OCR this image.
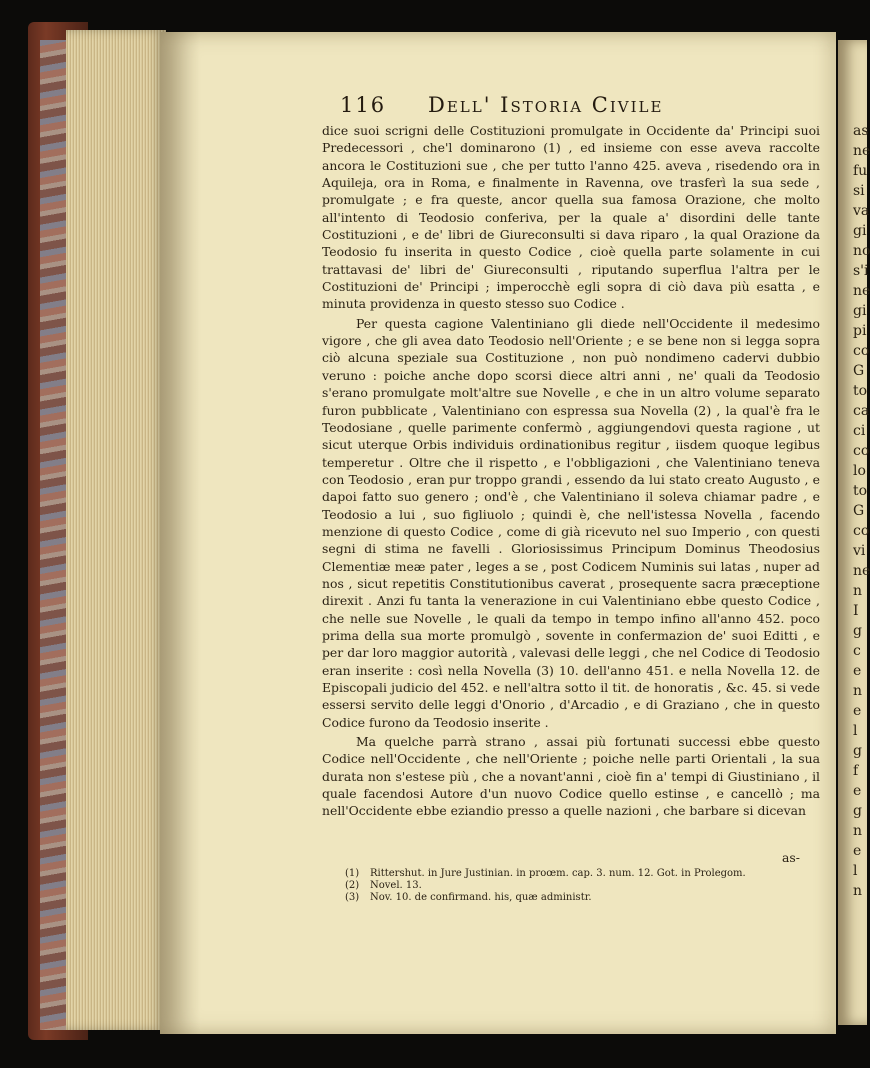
116 Dell' Istoria Civile

dice suoi scrigni delle Costituzioni promulgate in Occidente da' Principi suoi Predecessori , che'l dominarono (1) , ed insieme con esse aveva raccolte ancora le Costituzioni sue , che per tutto l'anno 425. aveva , risedendo ora in Aquileja, ora in Roma, e finalmente in Ravenna, ove trasferì la sua sede , promulgate ; e fra queste, ancor quella sua famosa Orazione, che molto all'intento di Teodosio conferiva, per la quale a' disordini delle tante Costituzioni , e de' libri de Giureconsulti si dava riparo , la qual Orazione da Teodosio fu inserita in questo Codice , cioè quella parte solamente in cui trattavasi de' libri de' Giureconsulti , riputando superflua l'altra per le Costituzioni de' Principi ; imperocchè egli sopra di ciò dava più esatta , e minuta providenza in questo stesso suo Codice .

Per questa cagione Valentiniano gli diede nell'Occidente il medesimo vigore , che gli avea dato Teodosio nell'Oriente ; e se bene non si legga sopra ciò alcuna speziale sua Costituzione , non può nondimeno cadervi dubbio veruno : poiche anche dopo scorsi diece altri anni , ne' quali da Teodosio s'erano promulgate molt'altre sue Novelle , e che in un altro volume separato furon pubblicate , Valentiniano con espressa sua Novella (2) , la qual'è fra le Teodosiane , quelle parimente confermò , aggiungendovi questa ragione , ut sicut uterque Orbis individuis ordinationibus regitur , iisdem quoque legibus temperetur . Oltre che il rispetto , e l'obbligazioni , che Valentiniano teneva con Teodosio , eran pur troppo grandi , essendo da lui stato creato Augusto , e dapoi fatto suo genero ; ond'è , che Valentiniano il soleva chiamar padre , e Teodosio a lui , suo figliuolo ; quindi è, che nell'istessa Novella , facendo menzione di questo Codice , come di già ricevuto nel suo Imperio , con questi segni di stima ne favelli . Gloriosissimus Principum Dominus Theodosius Clementiæ meæ pater , leges a se , post Codicem Numinis sui latas , nuper ad nos , sicut repetitis Constitutionibus caverat , prosequente sacra præceptione direxit . Anzi fu tanta la venerazione in cui Valentiniano ebbe questo Codice , che nelle sue Novelle , le quali da tempo in tempo infino all'anno 452. poco prima della sua morte promulgò , sovente in confermazion de' suoi Editti , e per dar loro maggior autorità , valevasi delle leggi , che nel Codice di Teodosio eran inserite : così nella Novella (3) 10. dell'anno 451. e nella Novella 12. de Episcopali judicio del 452. e nell'altra sotto il tit. de honoratis , &c. 45. si vede essersi servito delle leggi d'Onorio , d'Arcadio , e di Graziano , che in questo Codice furono da Teodosio inserite .

Ma quelche parrà strano , assai più fortunati successi ebbe questo Codice nell'Occidente , che nell'Oriente ; poiche nelle parti Orientali , la sua durata non s'estese più , che a novant'anni , cioè fin a' tempi di Giustiniano , il quale facendosi Autore d'un nuovo Codice quello estinse , e cancellò ; ma nell'Occidente ebbe eziandio presso a quelle nazioni , che barbare si dicevan

as-
(1) Rittershut. in Jure Justinian. in proœm. cap. 3. num. 12. Got. in Prolegom.
(2) Novel. 13.
(3) Nov. 10. de confirmand. his, quæ administr.
as
ne
fu
si
va
gi
no
s'i
ne
gi
pi
co
G
to
ca
ci
co
lo
to
G
co
vi
ne
n
I
g
c
e
n
e
l
g
f
e
g
n
e
l
n
